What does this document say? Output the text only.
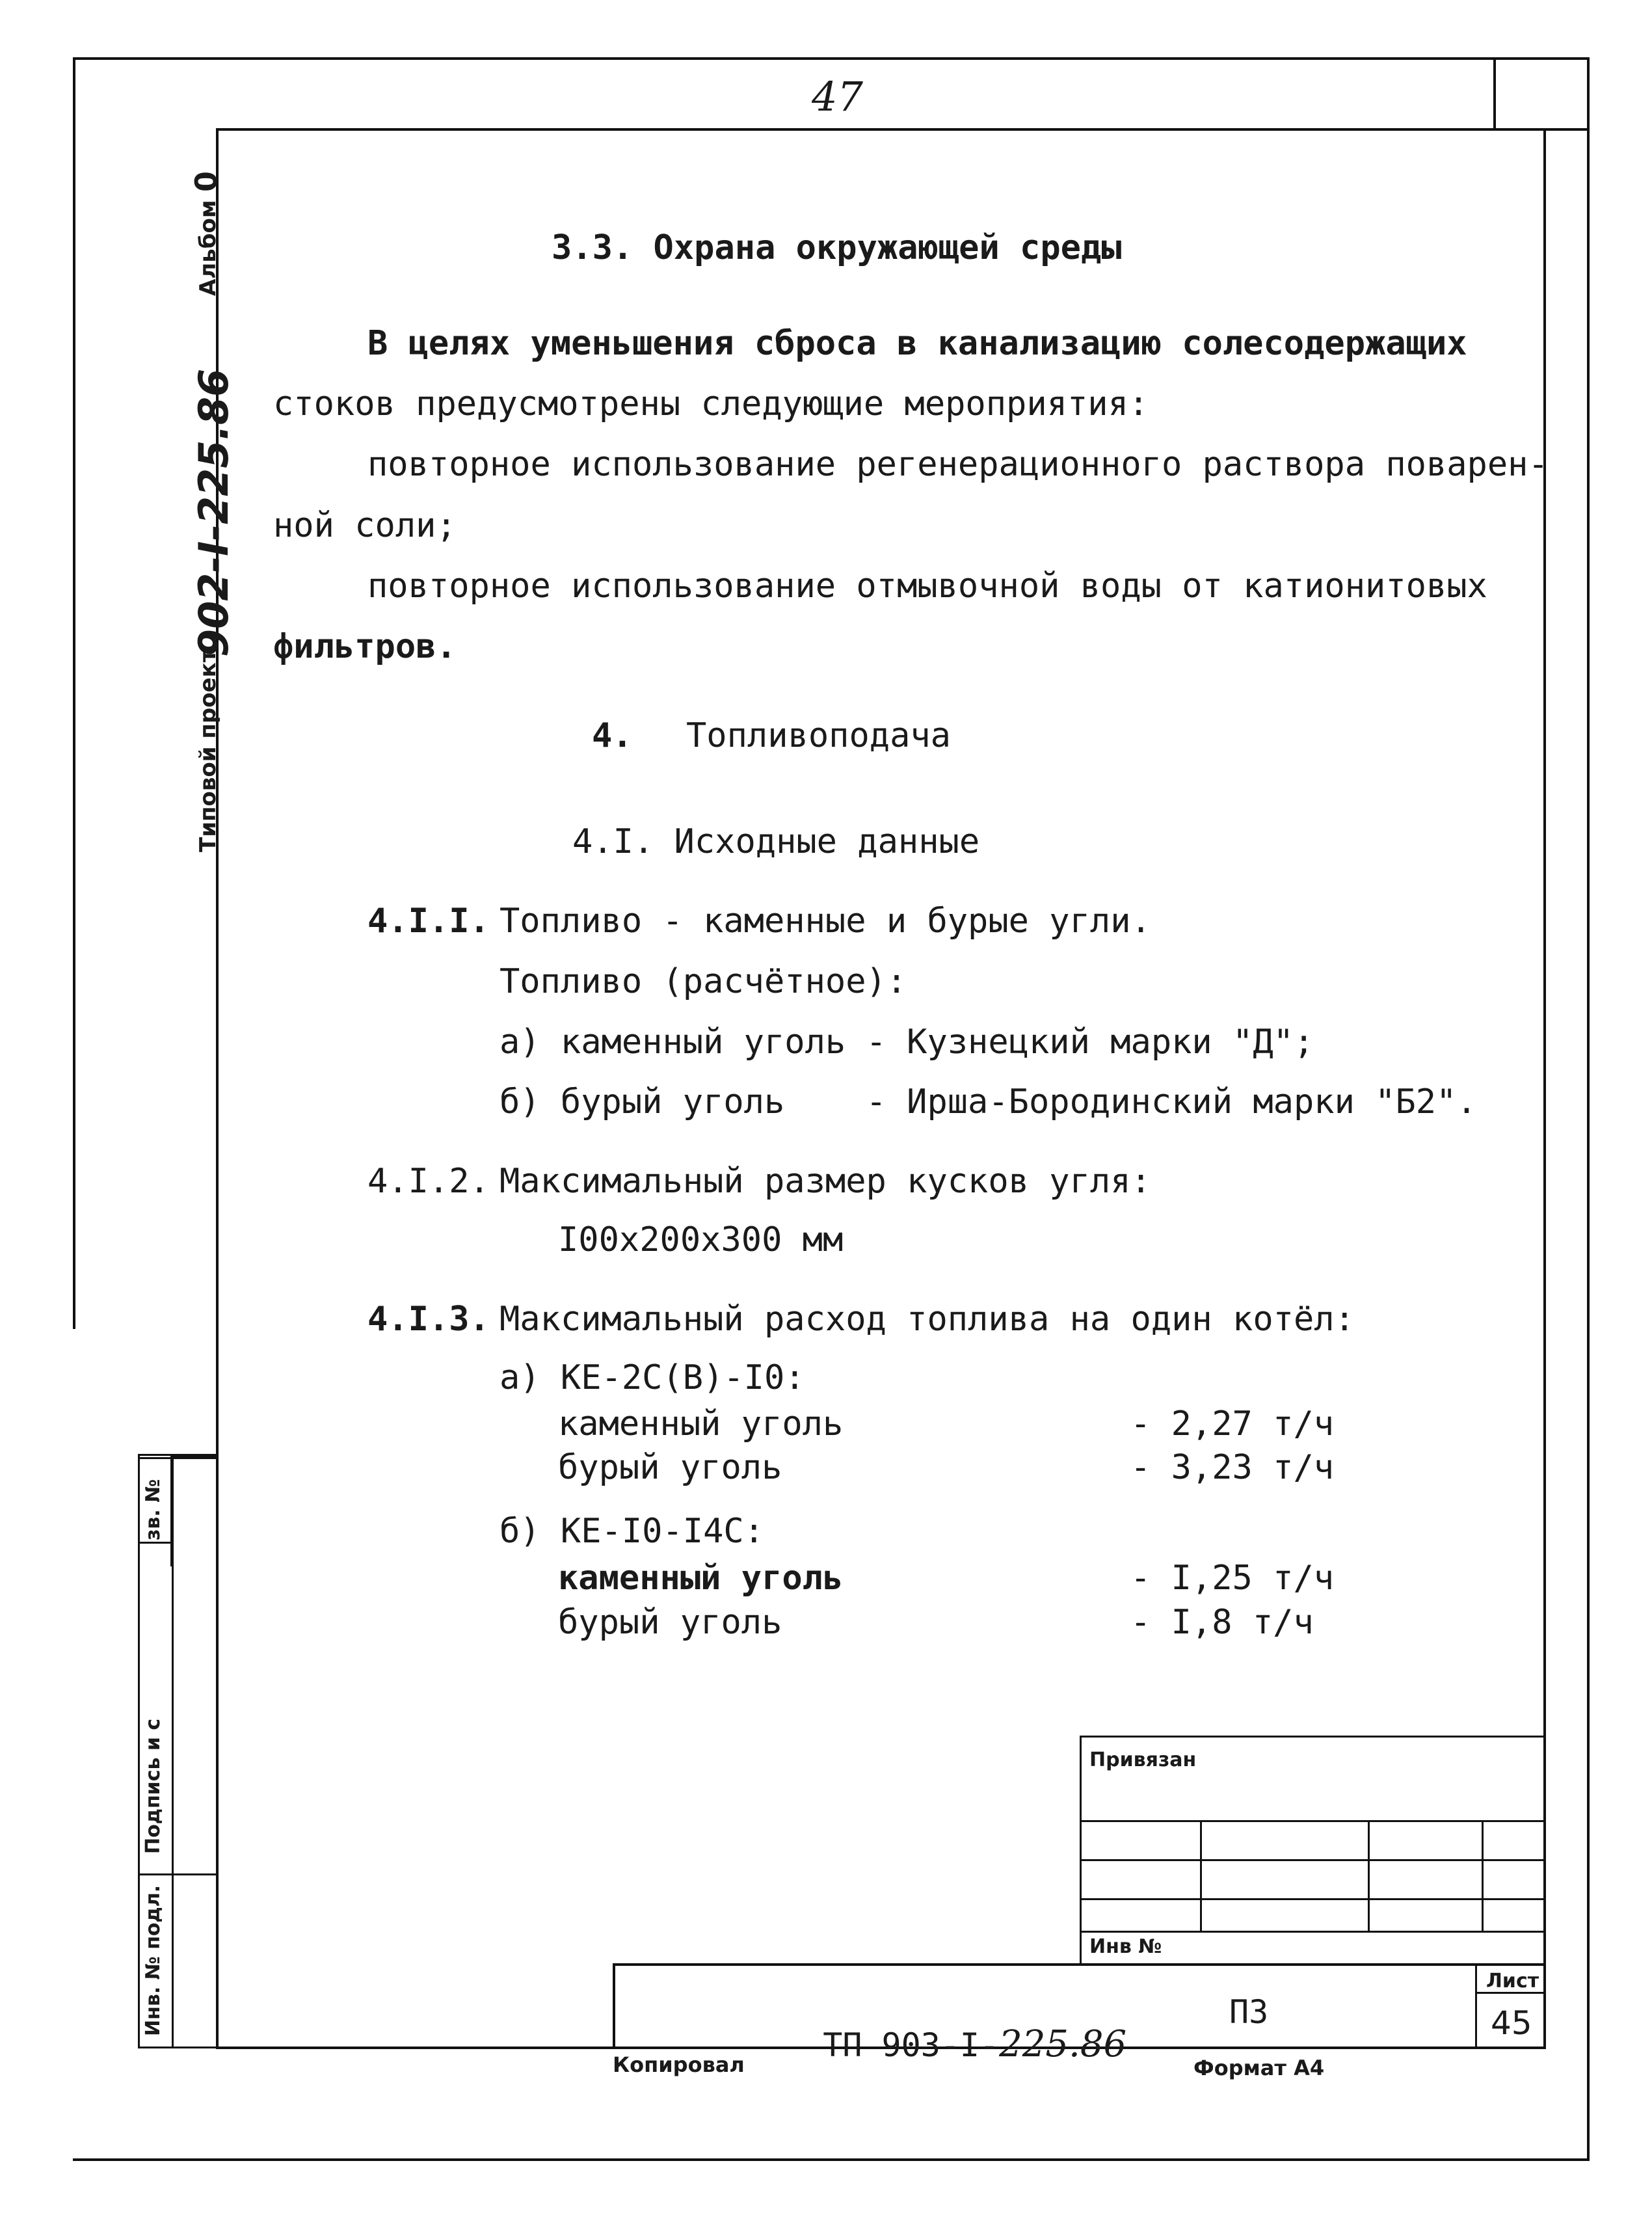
47
Альбом
0
Типовой проект
902-I-225.86
зв. №
Подпись и с
Инв. № подл.
3.3. Охрана окружающей среды
В целях уменьшения сброса в канализацию солесодержащих
стоков предусмотрены следующие мероприятия:
повторное использование регенерационного раствора поварен-
ной соли;
повторное использование отмывочной воды от катионитовых
фильтров.
4. Топливоподача
4.I. Исходные данные
4.I.I. Топливо - каменные и бурые угли.
Топливо (расчётное):
а) каменный уголь - Кузнецкий марки "Д";
б) бурый уголь    - Ирша-Бородинский марки "Б2".
4.I.2. Максимальный размер кусков угля:
I00x200x300 мм
4.I.3. Максимальный расход топлива на один котёл:
а) КЕ-2С(В)-I0:
каменный уголь	- 2,27 т/ч
бурый уголь	- 3,23 т/ч
б) КЕ-I0-I4С:
каменный уголь	- I,25 т/ч
бурый уголь	- I,8 т/ч
Привязан
Инв №

ТП 903-I-225.86

ПЗ
Лист
45
Копировал	Формат А4
